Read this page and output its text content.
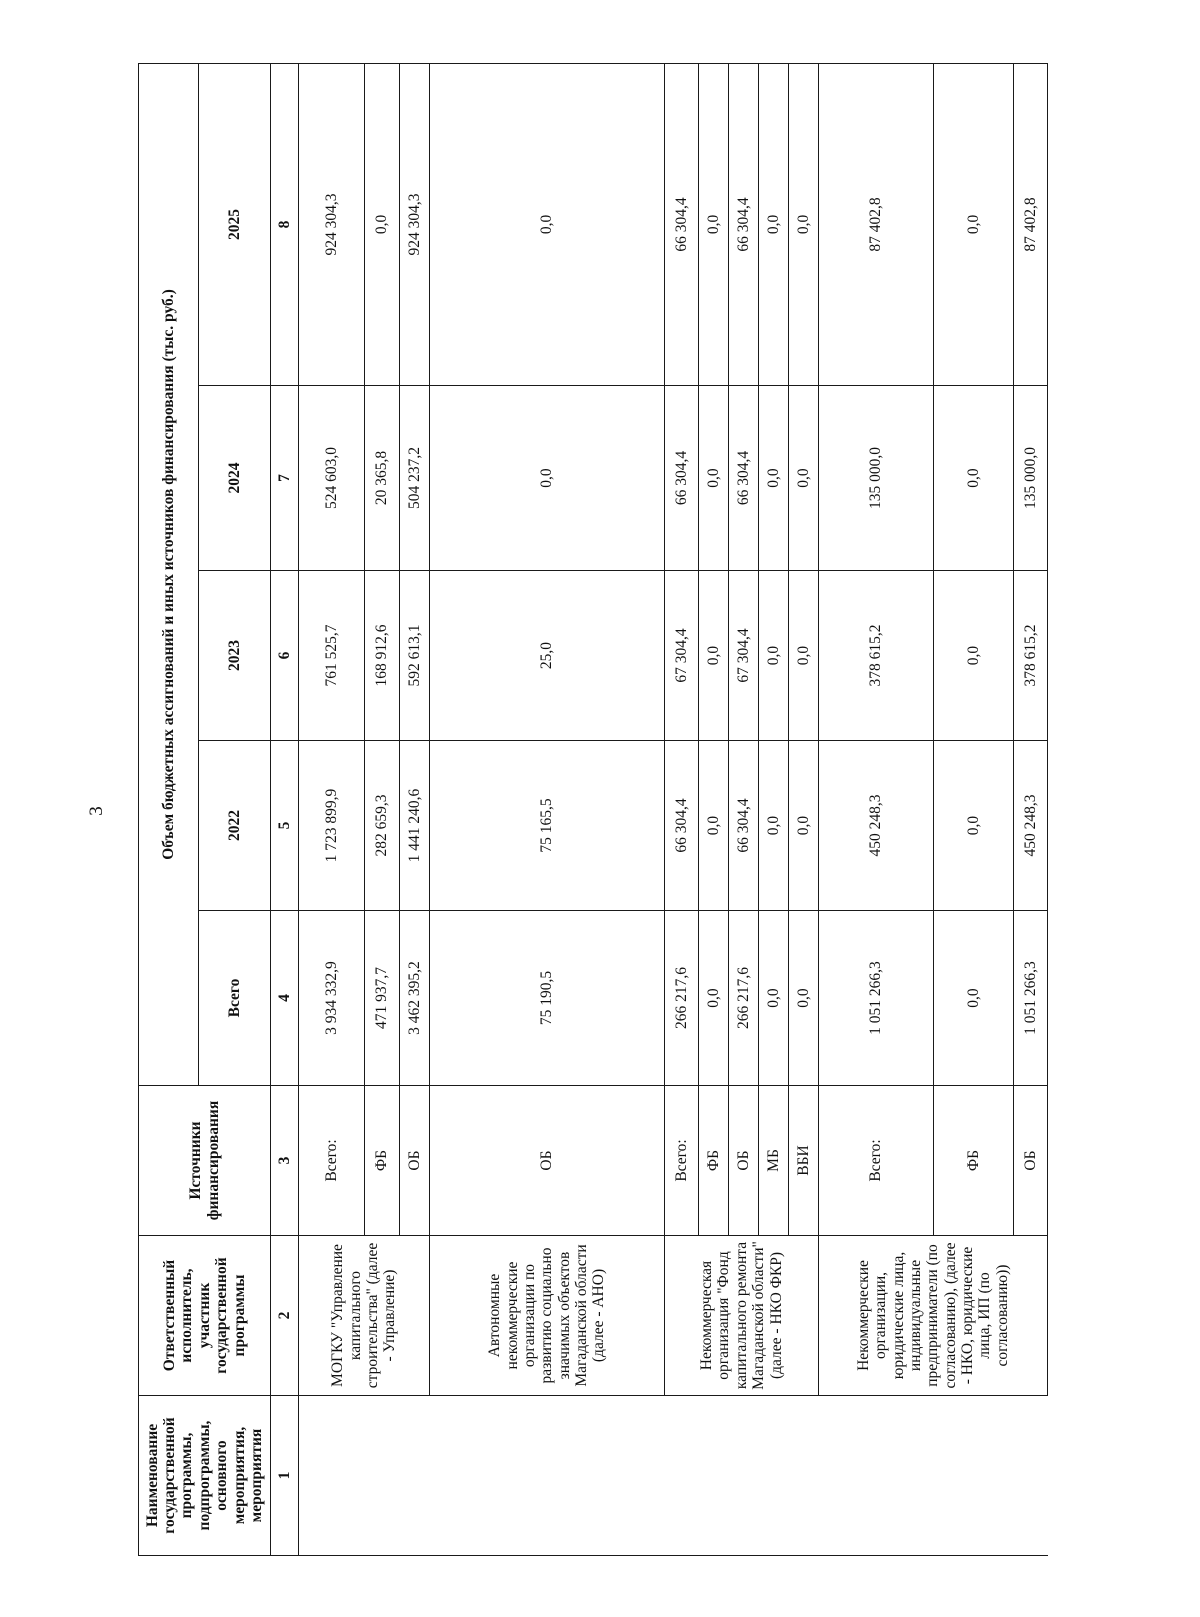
3
Наименование государственной программы, подпрограммы, основного мероприятия, мероприятия	Ответственный исполнитель, участник государственной программы	Источники финансирования	Объем бюджетных ассигнований и иных источников финансирования (тыс. руб.)				
			Всего	2022	2023	2024	2025
1	2	3	4	5	6	7	8
	МОГКУ "Управление капитального строительства" (далее - Управление)	Всего:	3 934 332,9	1 723 899,9	761 525,7	524 603,0	924 304,3
		ФБ	471 937,7	282 659,3	168 912,6	20 365,8	0,0
		ОБ	3 462 395,2	1 441 240,6	592 613,1	504 237,2	924 304,3
	Автономные некоммерческие организации по развитию социально значимых объектов Магаданской области (далее - АНО)	ОБ	75 190,5	75 165,5	25,0	0,0	0,0
	Некоммерческая организация "Фонд капитального ремонта Магаданской области" (далее - НКО ФКР)	Всего:	266 217,6	66 304,4	67 304,4	66 304,4	66 304,4
		ФБ	0,0	0,0	0,0	0,0	0,0
		ОБ	266 217,6	66 304,4	67 304,4	66 304,4	66 304,4
		МБ	0,0	0,0	0,0	0,0	0,0
		ВБИ	0,0	0,0	0,0	0,0	0,0
	Некоммерческие организации, юридические лица, индивидуальные предприниматели (по согласованию), (далее - НКО, юридические лица, ИП (по согласованию))	Всего:	1 051 266,3	450 248,3	378 615,2	135 000,0	87 402,8
		ФБ	0,0	0,0	0,0	0,0	0,0
		ОБ	1 051 266,3	450 248,3	378 615,2	135 000,0	87 402,8
